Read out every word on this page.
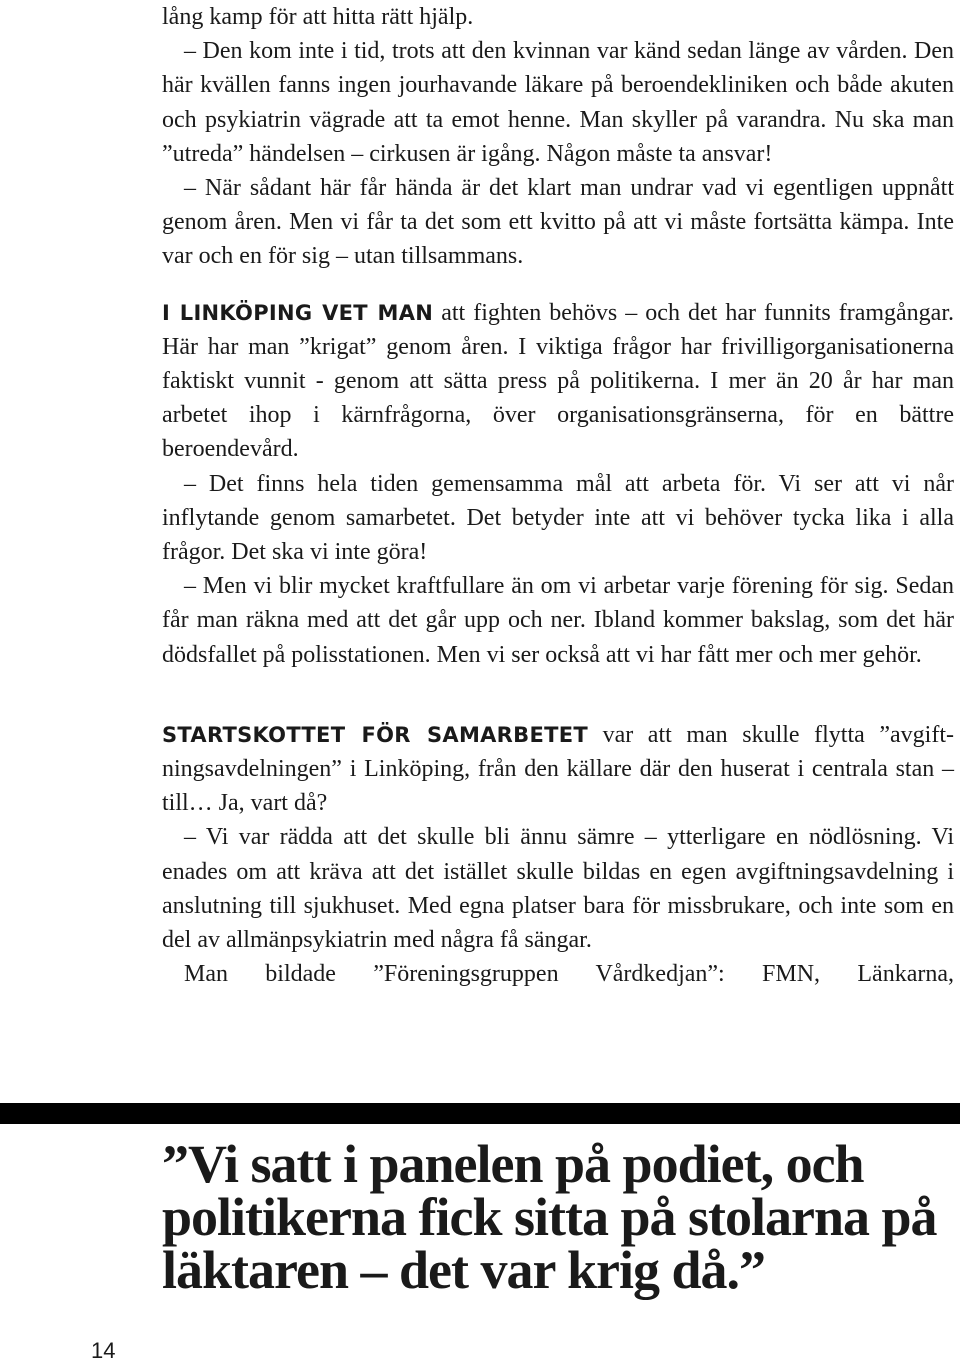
lång kamp för att hitta rätt hjälp.

– Den kom inte i tid, trots att den kvinnan var känd sedan länge av vården. Den här kvällen fanns ingen jourhavande läkare på beroendekliniken och både akuten och psykiatrin vägrade att ta emot henne. Man skyller på varandra. Nu ska man ”utreda” händelsen – cirkusen är igång. Någon måste ta ansvar!

– När sådant här får hända är det klart man undrar vad vi egentligen uppnått genom åren. Men vi får ta det som ett kvitto på att vi måste fortsätta kämpa. Inte var och en för sig – utan tillsammans.

I LINKÖPING VET MAN att fighten behövs – och det har funnits framgångar. Här har man ”krigat” genom åren. I viktiga frågor har frivilligorganisationerna faktiskt vunnit - genom att sätta press på politikerna. I mer än 20 år har man arbetet ihop i kärnfrågorna, över organisationsgränserna, för en bättre beroendevård.

– Det finns hela tiden gemensamma mål att arbeta för. Vi ser att vi når inflytande genom samarbetet. Det betyder inte att vi behöver tycka lika i alla frågor. Det ska vi inte göra!

– Men vi blir mycket kraftfullare än om vi arbetar varje förening för sig. Sedan får man räkna med att det går upp och ner. Ibland kommer bakslag, som det här dödsfallet på polisstationen. Men vi ser också att vi har fått mer och mer gehör.

STARTSKOTTET FÖR SAMARBETET var att man skulle flytta ”avgiftningsavdelningen” i Linköping, från den källare där den huserat i centrala stan – till… Ja, vart då?

– Vi var rädda att det skulle bli ännu sämre – ytterligare en nödlösning. Vi enades om att kräva att det istället skulle bildas en egen avgiftningsavdelning i anslutning till sjukhuset. Med egna platser bara för missbrukare, och inte som en del av allmänpsykiatrin med några få sängar.

Man bildade ”Föreningsgruppen Vårdkedjan”: FMN, Länkarna,

”Vi satt i panelen på podiet, och politikerna fick sitta på stolarna på läktaren – det var krig då.”
14
